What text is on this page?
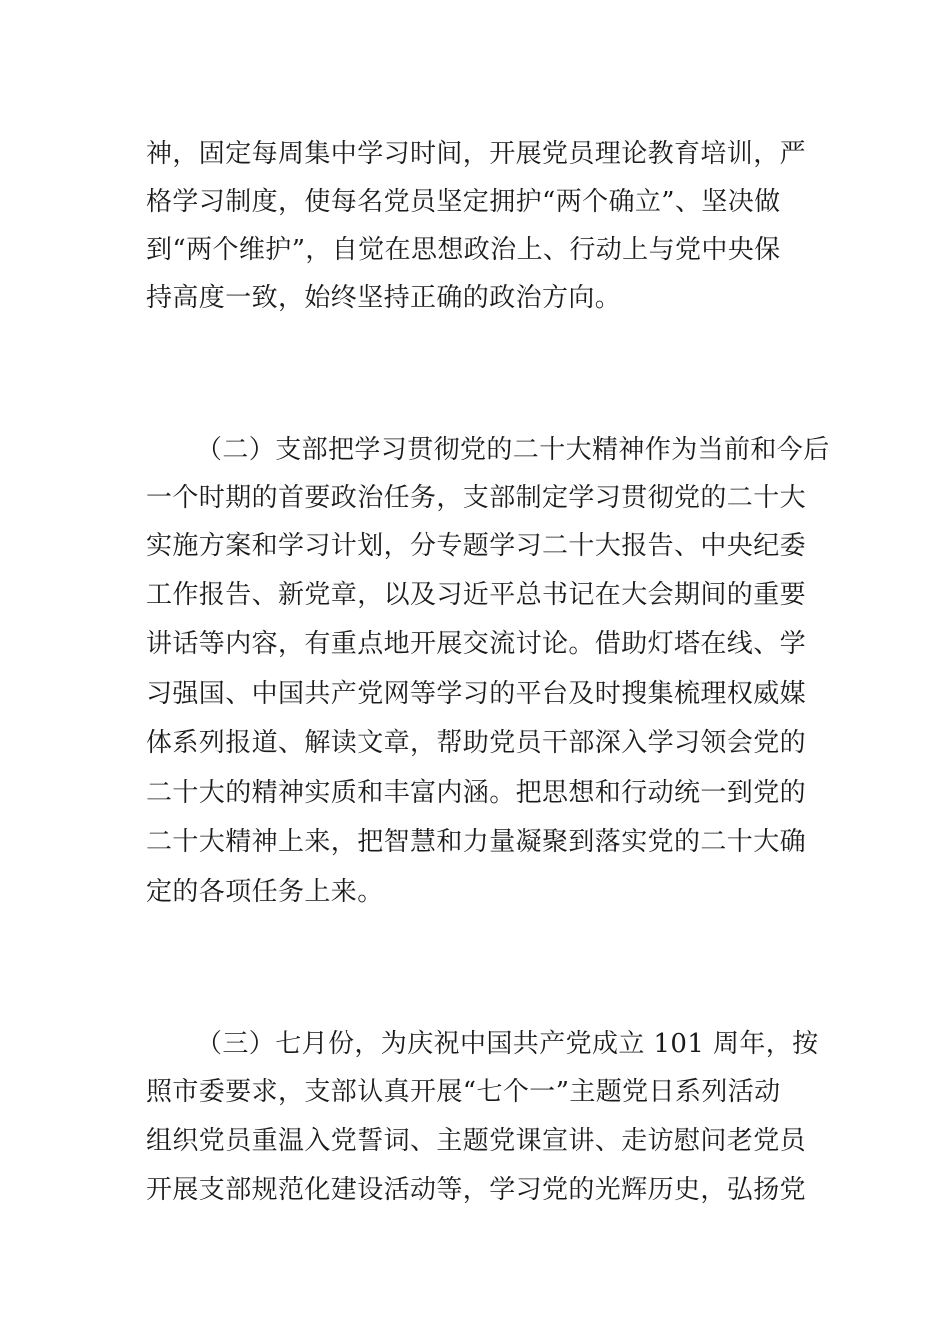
神，固定每周集中学习时间，开展党员理论教育培训，严
格学习制度，使每名党员坚定拥护“两个确立”、坚决做
到“两个维护”，自觉在思想政治上、行动上与党中央保
持高度一致，始终坚持正确的政治方向。
（二）支部把学习贯彻党的二十大精神作为当前和今后
一个时期的首要政治任务，支部制定学习贯彻党的二十大
实施方案和学习计划，分专题学习二十大报告、中央纪委
工作报告、新党章，以及习近平总书记在大会期间的重要
讲话等内容，有重点地开展交流讨论。借助灯塔在线、学
习强国、中国共产党网等学习的平台及时搜集梳理权威媒
体系列报道、解读文章，帮助党员干部深入学习领会党的
二十大的精神实质和丰富内涵。把思想和行动统一到党的
二十大精神上来，把智慧和力量凝聚到落实党的二十大确
定的各项任务上来。
（三）七月份，为庆祝中国共产党成立 101 周年，按
照市委要求，支部认真开展“七个一”主题党日系列活动
组织党员重温入党誓词、主题党课宣讲、走访慰问老党员
开展支部规范化建设活动等，学习党的光辉历史，弘扬党
